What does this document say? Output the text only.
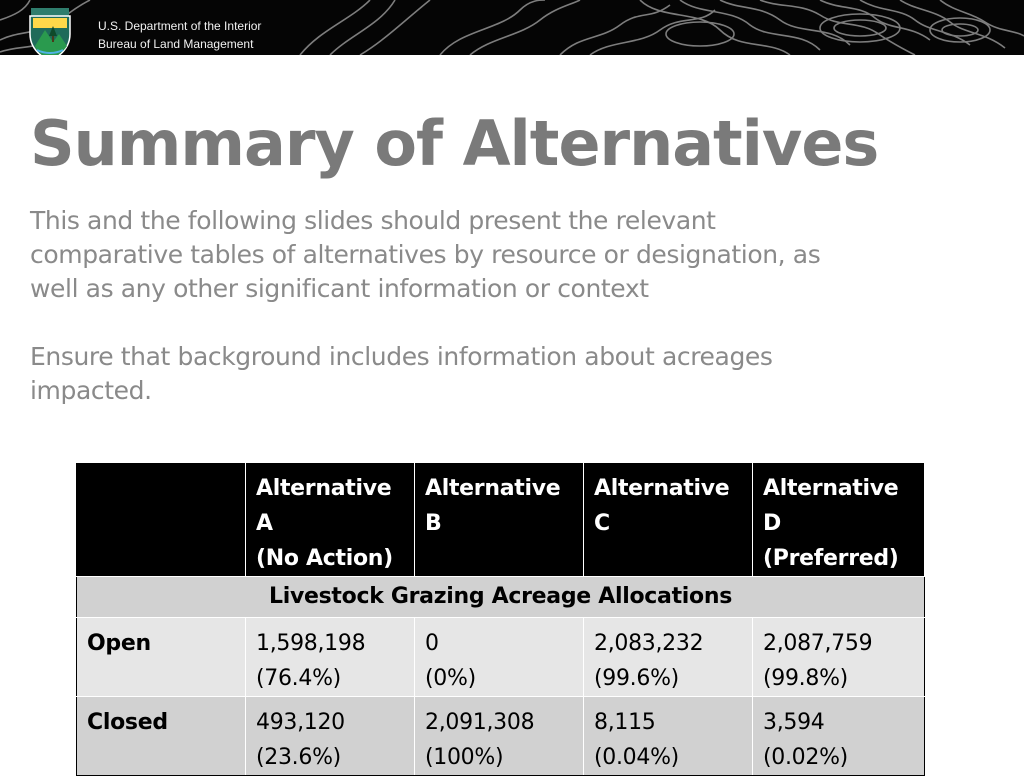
U.S. Department of the Interior
Bureau of Land Management
Summary of Alternatives

This and the following slides should present the relevant comparative tables of alternatives by resource or designation, as well as any other significant information or context

Ensure that background includes information about acreages impacted.

	Alternative
A
(No Action)	Alternative
B	Alternative
C	Alternative
D
(Preferred)

Livestock Grazing Acreage Allocations				
Open	1,598,198
(76.4%)	0
(0%)	2,083,232
(99.6%)	2,087,759
(99.8%)

Closed	493,120
(23.6%)	2,091,308
(100%)	8,115
(0.04%)	3,594
(0.02%)
